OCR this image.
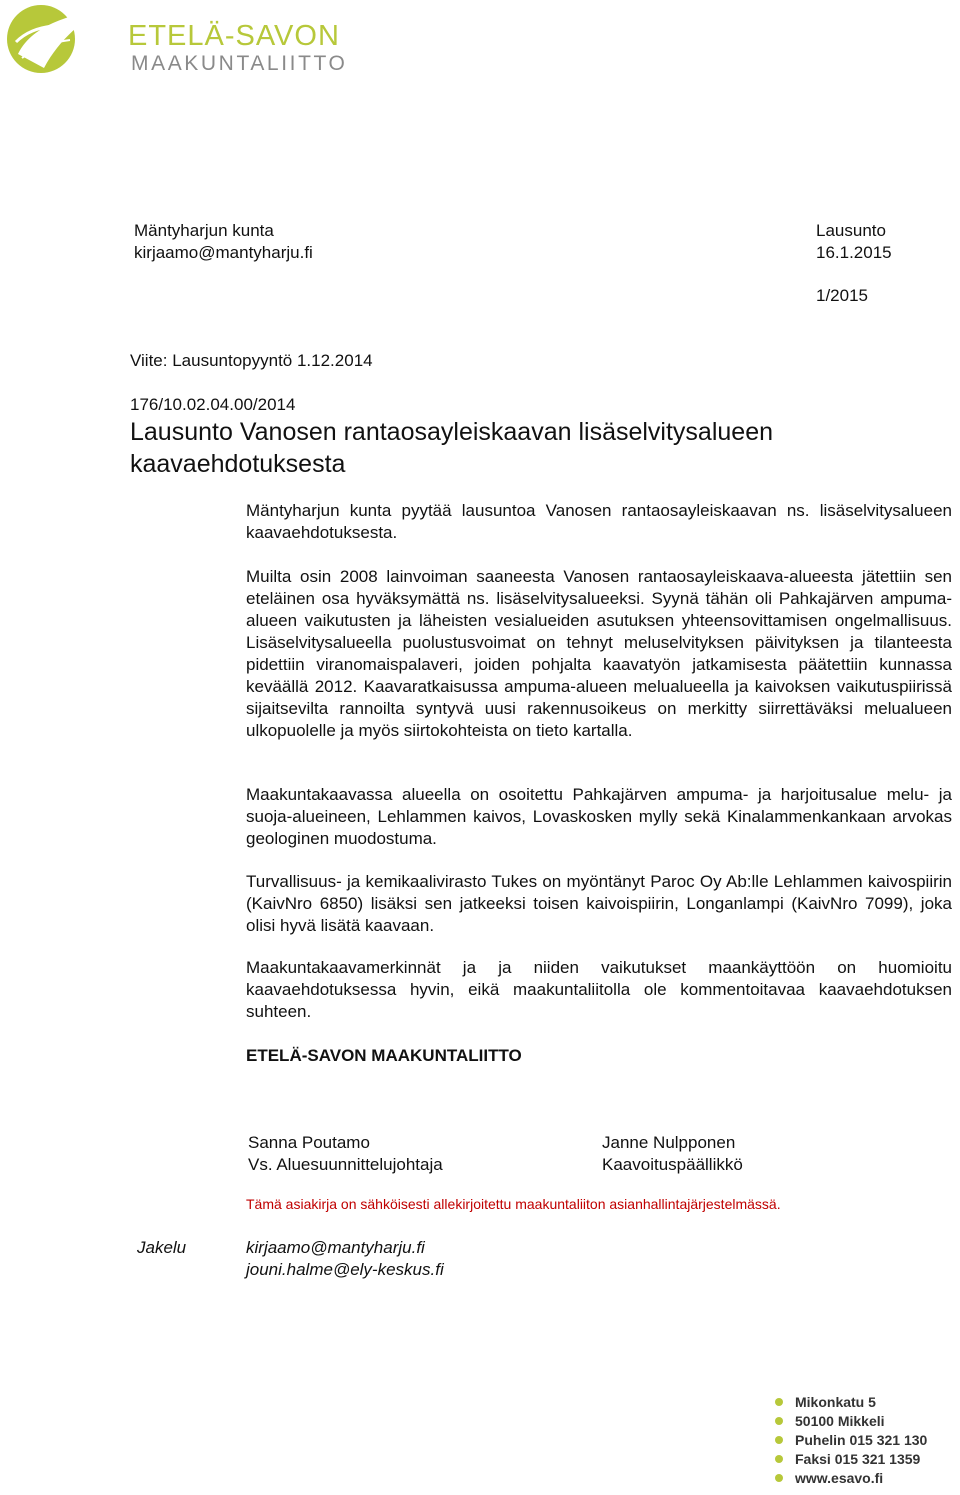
ETELÄ-SAVON
MAAKUNTALIITTO
Mäntyharjun kunta
kirjaamo@mantyharju.fi
Lausunto
16.1.2015
1/2015
Viite: Lausuntopyyntö 1.12.2014
176/10.02.04.00/2014
Lausunto Vanosen rantaosayleiskaavan lisäselvitysalueen
kaavaehdotuksesta

Mäntyharjun kunta pyytää lausuntoa Vanosen rantaosayleiskaavan ns. lisäselvitysalueen kaavaehdotuksesta.

Muilta osin 2008 lainvoiman saaneesta Vanosen rantaosayleiskaava-alueesta jätettiin sen eteläinen osa hyväksymättä ns. lisäselvitysalueeksi. Syynä tähän oli Pahkajärven ampuma-alueen vaikutusten ja läheisten vesialueiden asutuksen yhteensovittamisen ongelmallisuus. Lisäselvitysalueella puolustusvoimat on tehnyt meluselvityksen päivityksen ja tilanteesta pidettiin viranomaispalaveri, joiden pohjalta kaavatyön jatkamisesta päätettiin kunnassa keväällä 2012. Kaavaratkaisussa ampuma-alueen melualueella ja kaivoksen vaikutuspiirissä sijaitsevilta rannoilta syntyvä uusi rakennusoikeus on merkitty siirrettäväksi melualueen ulkopuolelle ja myös siirtokohteista on tieto kartalla.

Maakuntakaavassa alueella on osoitettu Pahkajärven ampuma- ja harjoitusalue melu- ja suoja-alueineen, Lehlammen kaivos, Lovaskosken mylly sekä Kinalammenkankaan arvokas geologinen muodostuma.

Turvallisuus- ja kemikaalivirasto Tukes on myöntänyt Paroc Oy Ab:lle Lehlammen kaivospiirin (KaivNro 6850) lisäksi sen jatkeeksi toisen kaivoispiirin, Longanlampi (KaivNro 7099), joka olisi hyvä lisätä kaavaan.

Maakuntakaavamerkinnät ja ja niiden vaikutukset maankäyttöön on huomioitu kaavaehdotuksessa hyvin, eikä maakuntaliitolla ole kommentoitavaa kaavaehdotuksen suhteen.

ETELÄ-SAVON MAAKUNTALIITTO
Sanna Poutamo
Vs. Aluesuunnittelujohtaja
Janne Nulpponen
Kaavoituspäällikkö
Tämä asiakirja on sähköisesti allekirjoitettu maakuntaliiton asianhallintajärjestelmässä.
Jakelu	kirjaamo@mantyharju.fi
jouni.halme@ely-keskus.fi
Mikonkatu 5
50100 Mikkeli
Puhelin 015 321 130
Faksi 015 321 1359
www.esavo.fi
